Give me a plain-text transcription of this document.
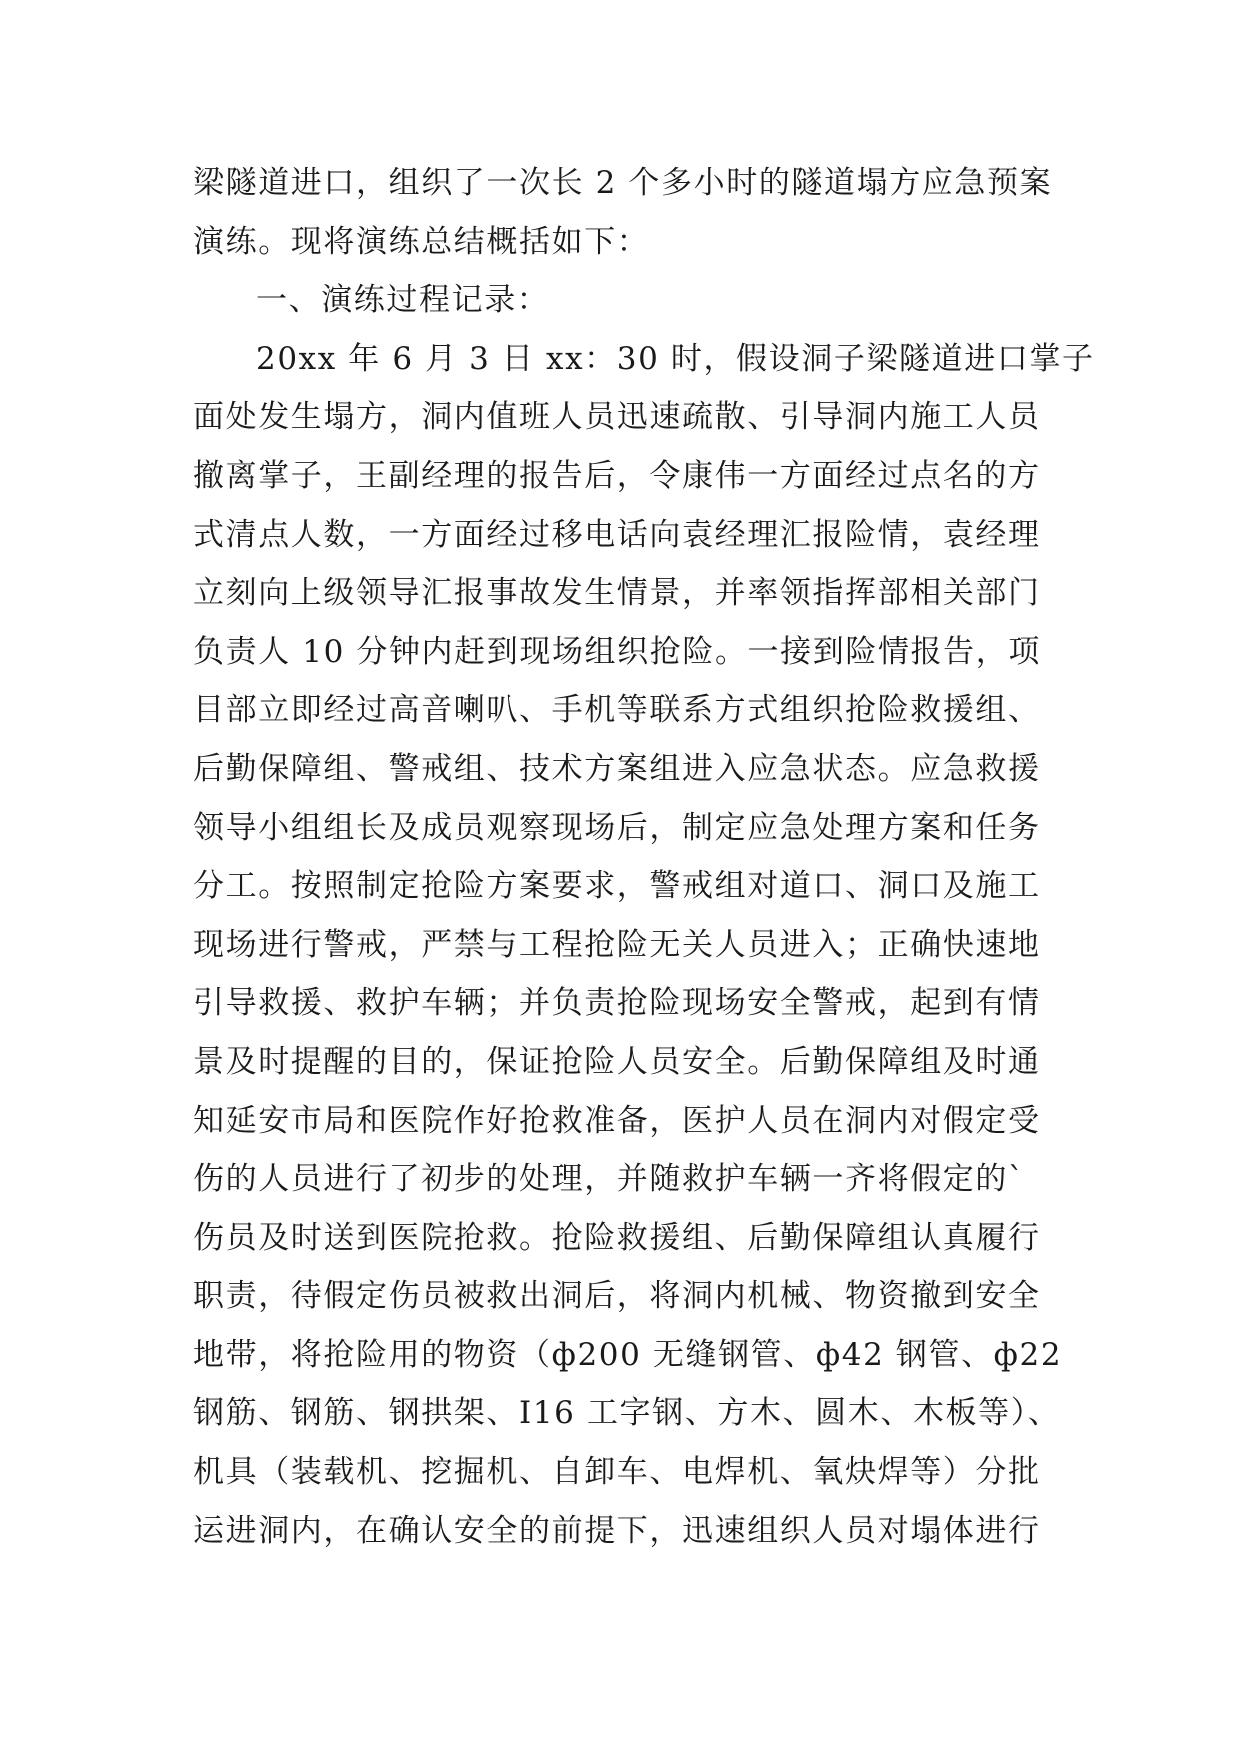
梁隧道进口，组织了一次长 2 个多小时的隧道塌方应急预案
演练。现将演练总结概括如下：
一、演练过程记录：
20xx 年 6 月 3 日 xx：30 时，假设洞子梁隧道进口掌子
面处发生塌方，洞内值班人员迅速疏散、引导洞内施工人员
撤离掌子，王副经理的报告后，令康伟一方面经过点名的方
式清点人数，一方面经过移电话向袁经理汇报险情，袁经理
立刻向上级领导汇报事故发生情景，并率领指挥部相关部门
负责人 10 分钟内赶到现场组织抢险。一接到险情报告，项
目部立即经过高音喇叭、手机等联系方式组织抢险救援组、
后勤保障组、警戒组、技术方案组进入应急状态。应急救援
领导小组组长及成员观察现场后，制定应急处理方案和任务
分工。按照制定抢险方案要求，警戒组对道口、洞口及施工
现场进行警戒，严禁与工程抢险无关人员进入；正确快速地
引导救援、救护车辆；并负责抢险现场安全警戒，起到有情
景及时提醒的目的，保证抢险人员安全。后勤保障组及时通
知延安市局和医院作好抢救准备，医护人员在洞内对假定受
伤的人员进行了初步的处理，并随救护车辆一齐将假定的`
伤员及时送到医院抢救。抢险救援组、后勤保障组认真履行
职责，待假定伤员被救出洞后，将洞内机械、物资撤到安全
地带，将抢险用的物资（ф200 无缝钢管、ф42 钢管、ф22
钢筋、钢筋、钢拱架、I16 工字钢、方木、圆木、木板等）、
机具（装载机、挖掘机、自卸车、电焊机、氧炔焊等）分批
运进洞内，在确认安全的前提下，迅速组织人员对塌体进行
